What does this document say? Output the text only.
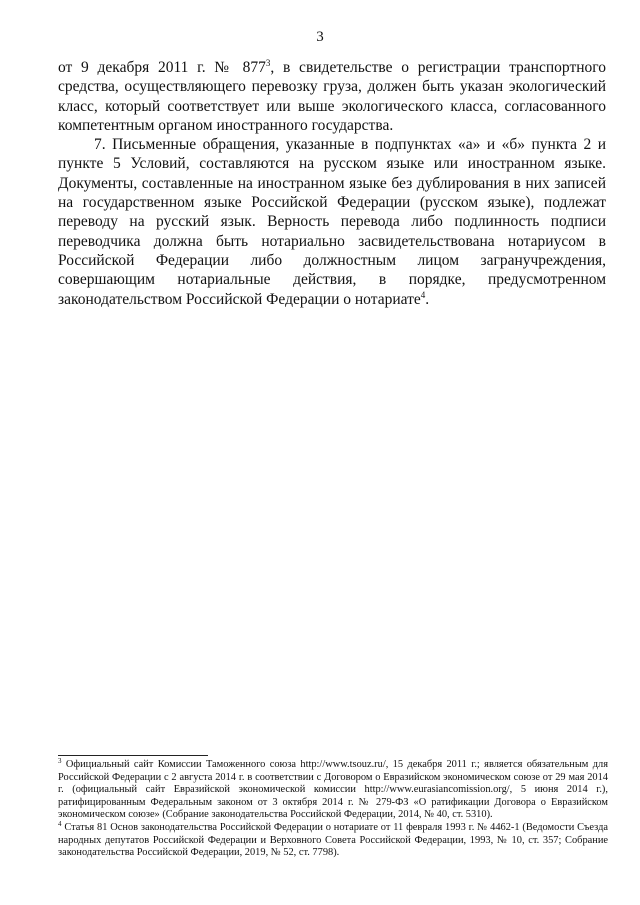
3

от 9 декабря 2011 г. № $877^3$, в свидетельстве о регистрации транспортного средства, осуществляющего перевозку груза, должен быть указан экологический класс, который соответствует или выше экологического класса, согласованного компетентным органом иностранного государства.

7. Письменные обращения, указанные в подпунктах «а» и «б» пункта 2 и пункте 5 Условий, составляются на русском языке или иностранном языке. Документы, составленные на иностранном языке без дублирования в них записей на государственном языке Российской Федерации (русском языке), подлежат переводу на русский язык. Верность перевода либо подлинность подписи переводчика должна быть нотариально засвидетельствована нотариусом в Российской Федерации либо должностным лицом загранучреждения, совершающим нотариальные действия, в порядке, предусмотренном законодательством Российской Федерации о нотариате$^4$.

$^3$ Официальный сайт Комиссии Таможенного союза http://www.tsouz.ru/, 15 декабря 2011 г.; является обязательным для Российской Федерации с 2 августа 2014 г. в соответствии с Договором о Евразийском экономическом союзе от 29 мая 2014 г. (официальный сайт Евразийской экономической комиссии http://www.eurasiancomission.org/, 5 июня 2014 г.), ратифицированным Федеральным законом от 3 октября 2014 г. № 279-ФЗ «О ратификации Договора о Евразийском экономическом союзе» (Собрание законодательства Российской Федерации, 2014, № 40, ст. 5310).

$^4$ Статья 81 Основ законодательства Российской Федерации о нотариате от 11 февраля 1993 г. № 4462-1 (Ведомости Съезда народных депутатов Российской Федерации и Верховного Совета Российской Федерации, 1993, № 10, ст. 357; Собрание законодательства Российской Федерации, 2019, № 52, ст. 7798).
